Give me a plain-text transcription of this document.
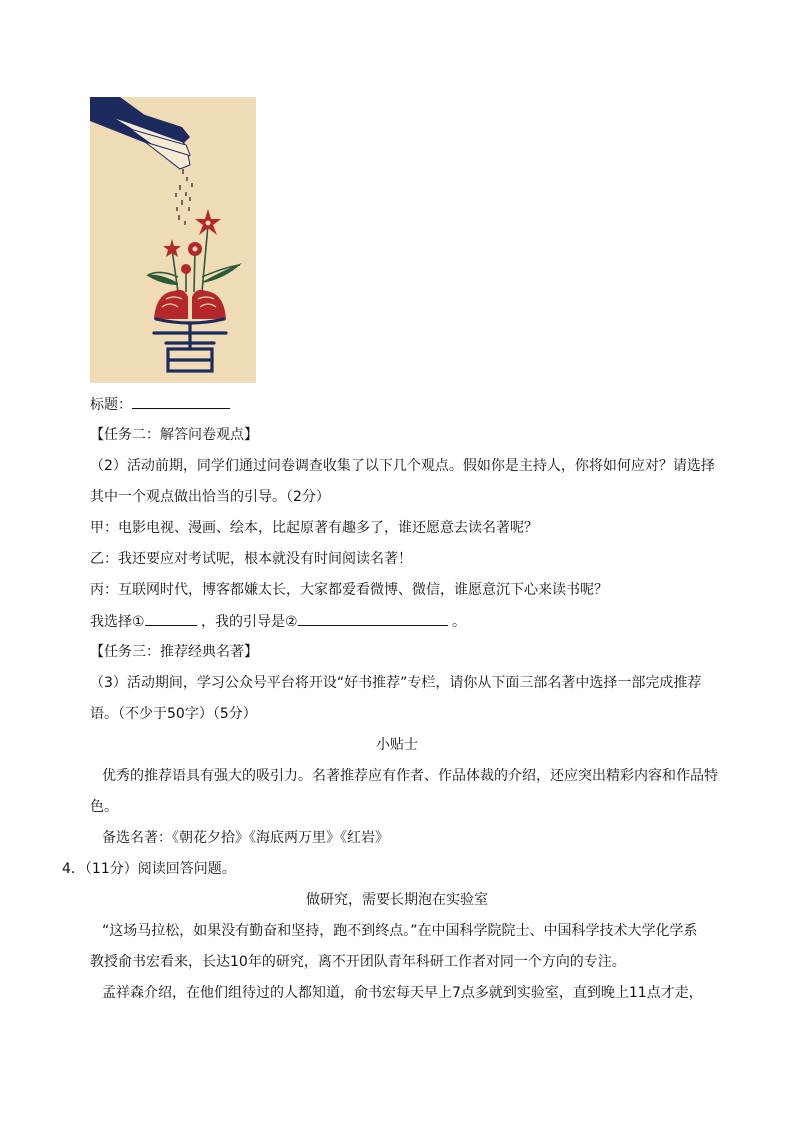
标题：
【任务二：解答问卷观点】
（2）活动前期，同学们通过问卷调查收集了以下几个观点。假如你是主持人，你将如何应对？请选择
其中一个观点做出恰当的引导。（2分）
甲：电影电视、漫画、绘本，比起原著有趣多了，谁还愿意去读名著呢？
乙：我还要应对考试呢，根本就没有时间阅读名著！
丙：互联网时代，博客都嫌太长，大家都爱看微博、微信，谁愿意沉下心来读书呢？
我选择①	，我的引导是②	。
【任务三：推荐经典名著】
（3）活动期间，学习公众号平台将开设“好书推荐”专栏，请你从下面三部名著中选择一部完成推荐
语。（不少于50字）（5分）
小贴士
优秀的推荐语具有强大的吸引力。名著推荐应有作者、作品体裁的介绍，还应突出精彩内容和作品特
色。
备选名著：《朝花夕拾》《海底两万里》《红岩》
4．（11分）阅读回答问题。
做研究，需要长期泡在实验室
“这场马拉松，如果没有勤奋和坚持，跑不到终点。”在中国科学院院士、中国科学技术大学化学系
教授俞书宏看来，长达10年的研究，离不开团队青年科研工作者对同一个方向的专注。
孟祥森介绍，在他们组待过的人都知道，俞书宏每天早上7点多就到实验室，直到晚上11点才走，
